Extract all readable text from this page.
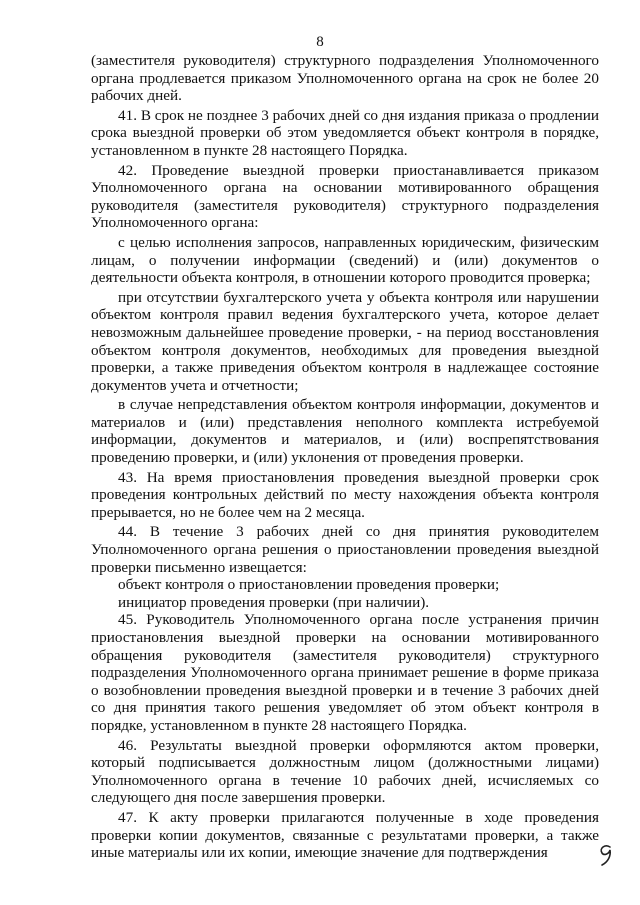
8

(заместителя руководителя) структурного подразделения Уполномоченного органа продлевается приказом Уполномоченного органа на срок не более 20 рабочих дней.

41. В срок не позднее 3 рабочих дней со дня издания приказа о продлении срока выездной проверки об этом уведомляется объект контроля в порядке, установленном в пункте 28 настоящего Порядка.

42. Проведение выездной проверки приостанавливается приказом Уполномоченного органа на основании мотивированного обращения руководителя (заместителя руководителя) структурного подразделения Уполномоченного органа:

с целью исполнения запросов, направленных юридическим, физическим лицам, о получении информации (сведений) и (или) документов о деятельности объекта контроля, в отношении которого проводится проверка;

при отсутствии бухгалтерского учета у объекта контроля или нарушении объектом контроля правил ведения бухгалтерского учета, которое делает невозможным дальнейшее проведение проверки, - на период восстановления объектом контроля документов, необходимых для проведения выездной проверки, а также приведения объектом контроля в надлежащее состояние документов учета и отчетности;

в случае непредставления объектом контроля информации, документов и материалов и (или) представления неполного комплекта истребуемой информации, документов и материалов, и (или) воспрепятствования проведению проверки, и (или) уклонения от проведения проверки.

43. На время приостановления проведения выездной проверки срок проведения контрольных действий по месту нахождения объекта контроля прерывается, но не более чем на 2 месяца.

44. В течение 3 рабочих дней со дня принятия руководителем Уполномоченного органа решения о приостановлении проведения выездной проверки письменно извещается:

объект контроля о приостановлении проведения проверки;

инициатор проведения проверки (при наличии).

45. Руководитель Уполномоченного органа после устранения причин приостановления выездной проверки на основании мотивированного обращения руководителя (заместителя руководителя) структурного подразделения Уполномоченного органа принимает решение в форме приказа о возобновлении проведения выездной проверки и в течение 3 рабочих дней со дня принятия такого решения уведомляет об этом объект контроля в порядке, установленном в пункте 28 настоящего Порядка.

46. Результаты выездной проверки оформляются актом проверки, который подписывается должностным лицом (должностными лицами) Уполномоченного органа в течение 10 рабочих дней, исчисляемых со следующего дня после завершения проверки.

47. К акту проверки прилагаются полученные в ходе проведения проверки копии документов, связанные с результатами проверки, а также иные материалы или их копии, имеющие значение для подтверждения
